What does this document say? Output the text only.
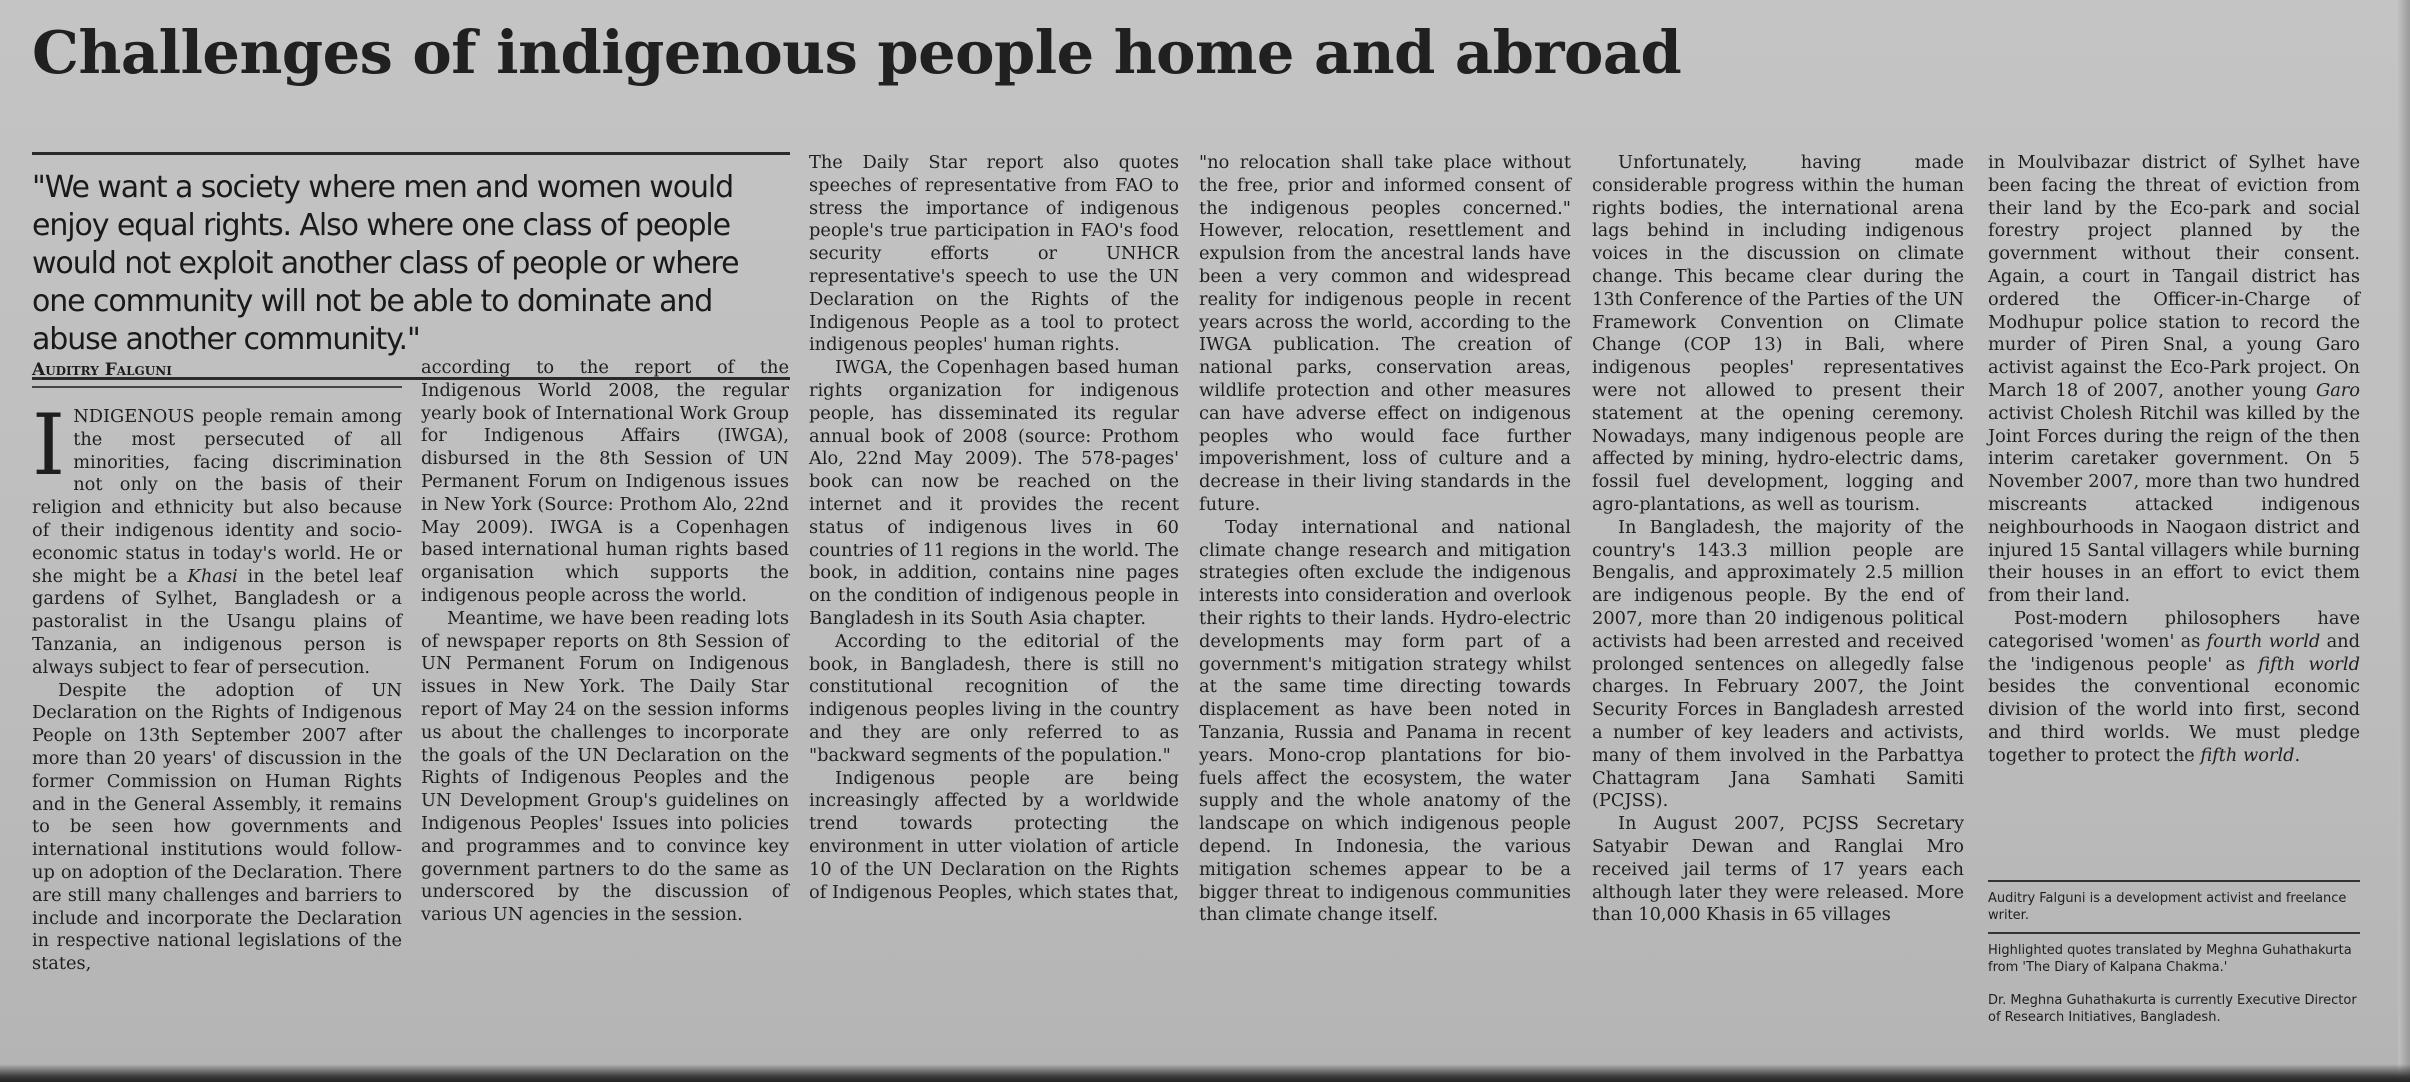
Challenges of indigenous people home and abroad

"We want a society where men and women would enjoy equal rights. Also where one class of people would not exploit another class of people or where one community will not be able to dominate and abuse another community."

Auditry Falguni

INDIGENOUS people remain among the most persecuted of all minorities, facing discrimination not only on the basis of their religion and ethnicity but also because of their indigenous identity and socio-economic status in today's world. He or she might be a Khasi in the betel leaf gardens of Sylhet, Bangladesh or a pastoralist in the Usangu plains of Tanzania, an indigenous person is always subject to fear of persecution.

Despite the adoption of UN Declaration on the Rights of Indigenous People on 13th September 2007 after more than 20 years' of discussion in the former Commission on Human Rights and in the General Assembly, it remains to be seen how governments and international institutions would follow-up on adoption of the Declaration. There are still many challenges and barriers to include and incorporate the Declaration in respective national legislations of the states,

according to the report of the Indigenous World 2008, the regular yearly book of International Work Group for Indigenous Affairs (IWGA), disbursed in the 8th Session of UN Permanent Forum on Indigenous issues in New York (Source: Prothom Alo, 22nd May 2009). IWGA is a Copenhagen based international human rights based organisation which supports the indigenous people across the world.

Meantime, we have been reading lots of newspaper reports on 8th Session of UN Permanent Forum on Indigenous issues in New York. The Daily Star report of May 24 on the session informs us about the challenges to incorporate the goals of the UN Declaration on the Rights of Indigenous Peoples and the UN Development Group's guidelines on Indigenous Peoples' Issues into policies and programmes and to convince key government partners to do the same as underscored by the discussion of various UN agencies in the session.

The Daily Star report also quotes speeches of representative from FAO to stress the importance of indigenous people's true participation in FAO's food security efforts or UNHCR representative's speech to use the UN Declaration on the Rights of the Indigenous People as a tool to protect indigenous peoples' human rights.

IWGA, the Copenhagen based human rights organization for indigenous people, has disseminated its regular annual book of 2008 (source: Prothom Alo, 22nd May 2009). The 578-pages' book can now be reached on the internet and it provides the recent status of indigenous lives in 60 countries of 11 regions in the world. The book, in addition, contains nine pages on the condition of indigenous people in Bangladesh in its South Asia chapter.

According to the editorial of the book, in Bangladesh, there is still no constitutional recognition of the indigenous peoples living in the country and they are only referred to as "backward segments of the population."

Indigenous people are being increasingly affected by a worldwide trend towards protecting the environment in utter violation of article 10 of the UN Declaration on the Rights of Indigenous Peoples, which states that,

"no relocation shall take place without the free, prior and informed consent of the indigenous peoples concerned." However, relocation, resettlement and expulsion from the ancestral lands have been a very common and widespread reality for indigenous people in recent years across the world, according to the IWGA publication. The creation of national parks, conservation areas, wildlife protection and other measures can have adverse effect on indigenous peoples who would face further impoverishment, loss of culture and a decrease in their living standards in the future.

Today international and national climate change research and mitigation strategies often exclude the indigenous interests into consideration and overlook their rights to their lands. Hydro-electric developments may form part of a government's mitigation strategy whilst at the same time directing towards displacement as have been noted in Tanzania, Russia and Panama in recent years. Mono-crop plantations for bio-fuels affect the ecosystem, the water supply and the whole anatomy of the landscape on which indigenous people depend. In Indonesia, the various mitigation schemes appear to be a bigger threat to indigenous communities than climate change itself.

Unfortunately, having made considerable progress within the human rights bodies, the international arena lags behind in including indigenous voices in the discussion on climate change. This became clear during the 13th Conference of the Parties of the UN Framework Convention on Climate Change (COP 13) in Bali, where indigenous peoples' representatives were not allowed to present their statement at the opening ceremony. Nowadays, many indigenous people are affected by mining, hydro-electric dams, fossil fuel development, logging and agro-plantations, as well as tourism.

In Bangladesh, the majority of the country's 143.3 million people are Bengalis, and approximately 2.5 million are indigenous people. By the end of 2007, more than 20 indigenous political activists had been arrested and received prolonged sentences on allegedly false charges. In February 2007, the Joint Security Forces in Bangladesh arrested a number of key leaders and activists, many of them involved in the Parbattya Chattagram Jana Samhati Samiti (PCJSS).

In August 2007, PCJSS Secretary Satyabir Dewan and Ranglai Mro received jail terms of 17 years each although later they were released. More than 10,000 Khasis in 65 villages

in Moulvibazar district of Sylhet have been facing the threat of eviction from their land by the Eco-park and social forestry project planned by the government without their consent. Again, a court in Tangail district has ordered the Officer-in-Charge of Modhupur police station to record the murder of Piren Snal, a young Garo activist against the Eco-Park project. On March 18 of 2007, another young Garo activist Cholesh Ritchil was killed by the Joint Forces during the reign of the then interim caretaker government. On 5 November 2007, more than two hundred miscreants attacked indigenous neighbourhoods in Naogaon district and injured 15 Santal villagers while burning their houses in an effort to evict them from their land.

Post-modern philosophers have categorised 'women' as fourth world and the 'indigenous people' as fifth world besides the conventional economic division of the world into first, second and third worlds. We must pledge together to protect the fifth world.

Auditry Falguni is a development activist and freelance writer.

Highlighted quotes translated by Meghna Guhathakurta from 'The Diary of Kalpana Chakma.'

Dr. Meghna Guhathakurta is currently Executive Director of Research Initiatives, Bangladesh.
